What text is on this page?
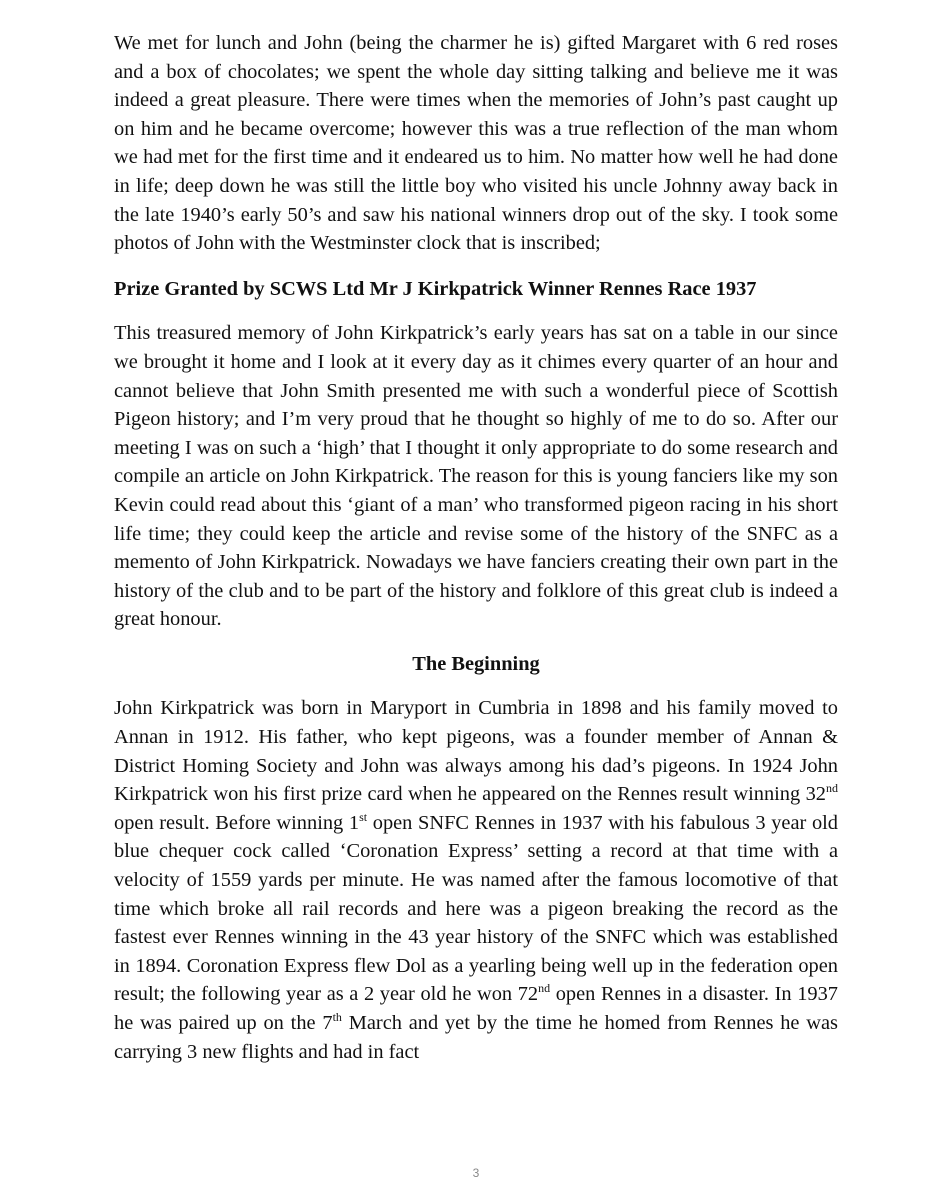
We met for lunch and John (being the charmer he is) gifted Margaret with 6 red roses and a box of chocolates; we spent the whole day sitting talking and believe me it was indeed a great pleasure. There were times when the memories of John’s past caught up on him and he became overcome; however this was a true reflection of the man whom we had met for the first time and it endeared us to him. No matter how well he had done in life; deep down he was still the little boy who visited his uncle Johnny away back in the late 1940’s early 50’s and saw his national winners drop out of the sky. I took some photos of John with the Westminster clock that is inscribed;

Prize Granted by SCWS Ltd Mr J Kirkpatrick Winner Rennes Race 1937

This treasured memory of John Kirkpatrick’s early years has sat on a table in our since we brought it home and I look at it every day as it chimes every quarter of an hour and cannot believe that John Smith presented me with such a wonderful piece of Scottish Pigeon history; and I’m very proud that he thought so highly of me to do so. After our meeting I was on such a ‘high’ that I thought it only appropriate to do some research and compile an article on John Kirkpatrick. The reason for this is young fanciers like my son Kevin could read about this ‘giant of a man’ who transformed pigeon racing in his short life time; they could keep the article and revise some of the history of the SNFC as a memento of John Kirkpatrick. Nowadays we have fanciers creating their own part in the history of the club and to be part of the history and folklore of this great club is indeed a great honour.

The Beginning

John Kirkpatrick was born in Maryport in Cumbria in 1898 and his family moved to Annan in 1912. His father, who kept pigeons, was a founder member of Annan & District Homing Society and John was always among his dad’s pigeons. In 1924 John Kirkpatrick won his first prize card when he appeared on the Rennes result winning 32nd open result. Before winning 1st open SNFC Rennes in 1937 with his fabulous 3 year old blue chequer cock called ‘Coronation Express’ setting a record at that time with a velocity of 1559 yards per minute. He was named after the famous locomotive of that time which broke all rail records and here was a pigeon breaking the record as the fastest ever Rennes winning in the 43 year history of the SNFC which was established in 1894. Coronation Express flew Dol as a yearling being well up in the federation open result; the following year as a 2 year old he won 72nd open Rennes in a disaster. In 1937 he was paired up on the 7th March and yet by the time he homed from Rennes he was carrying 3 new flights and had in fact

3
